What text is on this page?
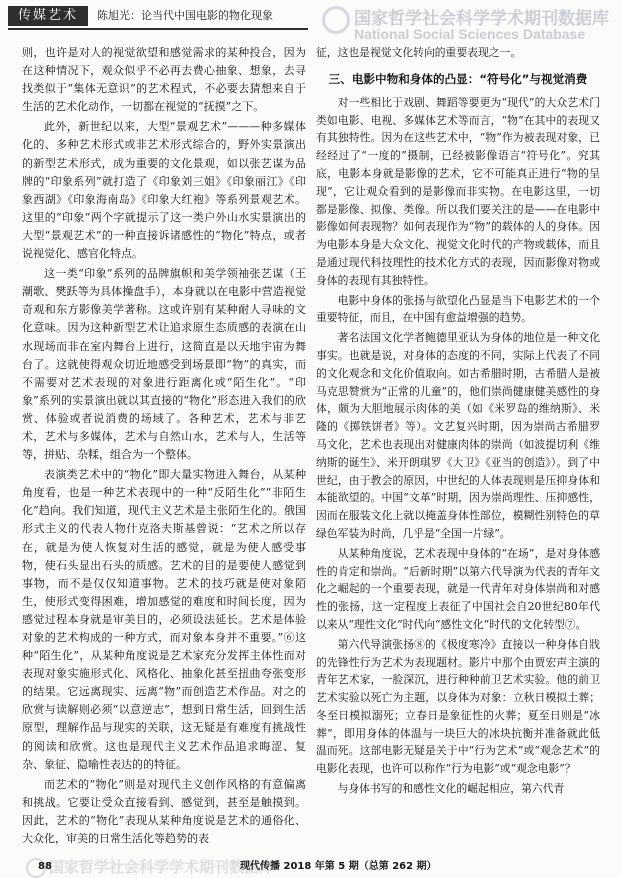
传媒艺术	陈旭光：论当代中国电影的物化现象	国家哲学社会科学学术期刊数据库
National Social Sciences Database

则，也许是对人的视觉欲望和感觉需求的某种投合，因为在这种情况下，观众似乎不必再去费心抽象、想象，去寻找类似于“集体无意识”的艺术程式，不必要去猜想来自于生活的艺术化动作，一切都在视觉的“抚摸”之下。

此外，新世纪以来，大型“景观艺术”———种多媒体化的、多种艺术形式或非艺术形式综合的，野外实景演出的新型艺术形式，成为重要的文化景观，如以张艺谋为品牌的“印象系列”就打造了《印象刘三姐》《印象丽江》《印象西湖》《印象海南岛》《印象大红袍》等系列景观艺术。这里的“印象”两个字就提示了这一类户外山水实景演出的大型“景观艺术”的一种直接诉诸感性的“物化”特点，或者说视觉化、感官化特点。

这一类“印象”系列的品牌旗帜和美学领袖张艺谋（王潮歌、樊跃等为具体操盘手），本身就以在电影中营造视觉奇观和东方影像美学著称。这或许别有某种耐人寻味的文化意味。因为这种新型艺术让追求原生态质感的表演在山水现场而非在室内舞台上进行，这简直是以天地宇宙为舞台了。这就使得观众切近地感受到场景即“物”的真实，而不需要对艺术表现的对象进行距离化或“陌生化”。“印象”系列的实景演出就以其直接的“物化”形态进入我们的欣赏、体验或者说消费的场域了。各种艺术，艺术与非艺术，艺术与多媒体，艺术与自然山水，艺术与人，生活等等，拼贴、杂糅，组合为一个整体。

表演类艺术中的“物化”即大量实物进入舞台，从某种角度看，也是一种艺术表现中的一种“反陌生化”“非陌生化”趋向。我们知道，现代主义艺术是主张陌生化的。俄国形式主义的代表人物什克洛夫斯基曾说：“艺术之所以存在，就是为使人恢复对生活的感觉，就是为使人感受事物，使石头显出石头的质感。艺术的目的是要使人感觉到事物，而不是仅仅知道事物。艺术的技巧就是使对象陌生，使形式变得困难，增加感觉的难度和时间长度，因为感觉过程本身就是审美目的，必须设法延长。艺术是体验对象的艺术构成的一种方式，而对象本身并不重要。”⑥这种“陌生化”，从某种角度说是艺术家充分发挥主体性而对表现对象实施形式化、风格化、抽象化甚至扭曲夸张变形的结果。它远离现实、远离“物”而创造艺术作品。对之的欣赏与读解则必须“以意逆志”，想到日常生活，回到生活原型，理解作品与现实的关联，这无疑是有难度有挑战性的阅读和欣赏。这也是现代主义艺术作品追求晦涩、复杂、象征、隐喻性表达的的特征。

而艺术的“物化”则是对现代主义创作风格的有意偏离和挑战。它要让受众直接看到、感觉到，甚至是触摸到。因此，艺术的“物化”表现从某种角度说是艺术的通俗化、大众化，审美的日常生活化等趋势的表

征，这也是视觉文化转向的重要表现之一。

三、电影中物和身体的凸显：“符号化”与视觉消费

对一些相比于戏剧、舞蹈等要更为“现代”的大众艺术门类如电影、电视、多媒体艺术等而言，“物”在其中的表现又有其独特性。因为在这些艺术中，“物”作为被表现对象，已经经过了“一度的”摄制，已经被影像语言“符号化”。究其底，电影本身就是影像的艺术，它不可能真正进行“物的呈现”，它让观众看到的是影像而非实物。在电影这里，一切都是影像、拟像、类像。所以我们要关注的是——在电影中影像如何表现物？如何表现作为“物”的载体的人的身体。因为电影本身是大众文化、视觉文化时代的产物或载体，而且是通过现代科技理性的技术化方式的表现，因而影像对物或身体的表现有其独特性。

电影中身体的张扬与欲望化凸显是当下电影艺术的一个重要特征，而且，在中国有愈益增强的趋势。

著名法国文化学者鲍德里亚认为身体的地位是一种文化事实。也就是说，对身体的态度的不同，实际上代表了不同的文化观念和文化价值取向。如古希腊时期，古希腊人是被马克思赞赏为“正常的儿童”的，他们崇尚健康健美感性的身体，颇为大胆地展示肉体的美（如《米罗岛的维纳斯》、米隆的《掷铁饼者》等）。文艺复兴时期，因为崇尚古希腊罗马文化，艺术也表现出对健康肉体的崇尚（如波提切利《维纳斯的诞生》、米开朗琪罗《大卫》《亚当的创造》）。到了中世纪，由于教会的原因，中世纪的人体表现则是压抑身体和本能欲望的。中国“文革”时期，因为崇尚理性、压抑感性，因而在服装文化上就以掩盖身体性部位，模糊性别特色的草绿色军装为时尚，几乎是“全国一片绿”。

从某种角度说，艺术表现中身体的“在场”，是对身体感性的肯定和崇尚。“后新时期”以第六代导演为代表的青年文化之崛起的一个重要表现，就是一代青年对身体崇尚和对感性的张扬，这一定程度上表征了中国社会自20世纪80年代以来从“理性文化”时代向“感性文化”时代的文化转型⑦。

第六代导演张扬⑧的《极度寒冷》直接以一种身体自戕的先锋性行为艺术为表现题材。影片中那个由贾宏声主演的青年艺术家，一脸深沉，进行种种前卫艺术实验。他的前卫艺术实验以死亡为主题，以身体为对象：立秋日模拟土葬；冬至日模拟溺死；立春日是象征性的火葬；夏至日则是“冰葬”，即用身体的体温与一块巨大的冰块抗衡并准备就此低温而死。这部电影无疑是关于中“行为艺术”或“观念艺术”的电影化表现，也许可以称作“行为电影”或“观念电影”？

与身体书写的和感性文化的崛起相应，第六代青

国家哲学社会科学学术期刊数据库
88	现代传播 2018 年第 5 期（总第 262 期）
